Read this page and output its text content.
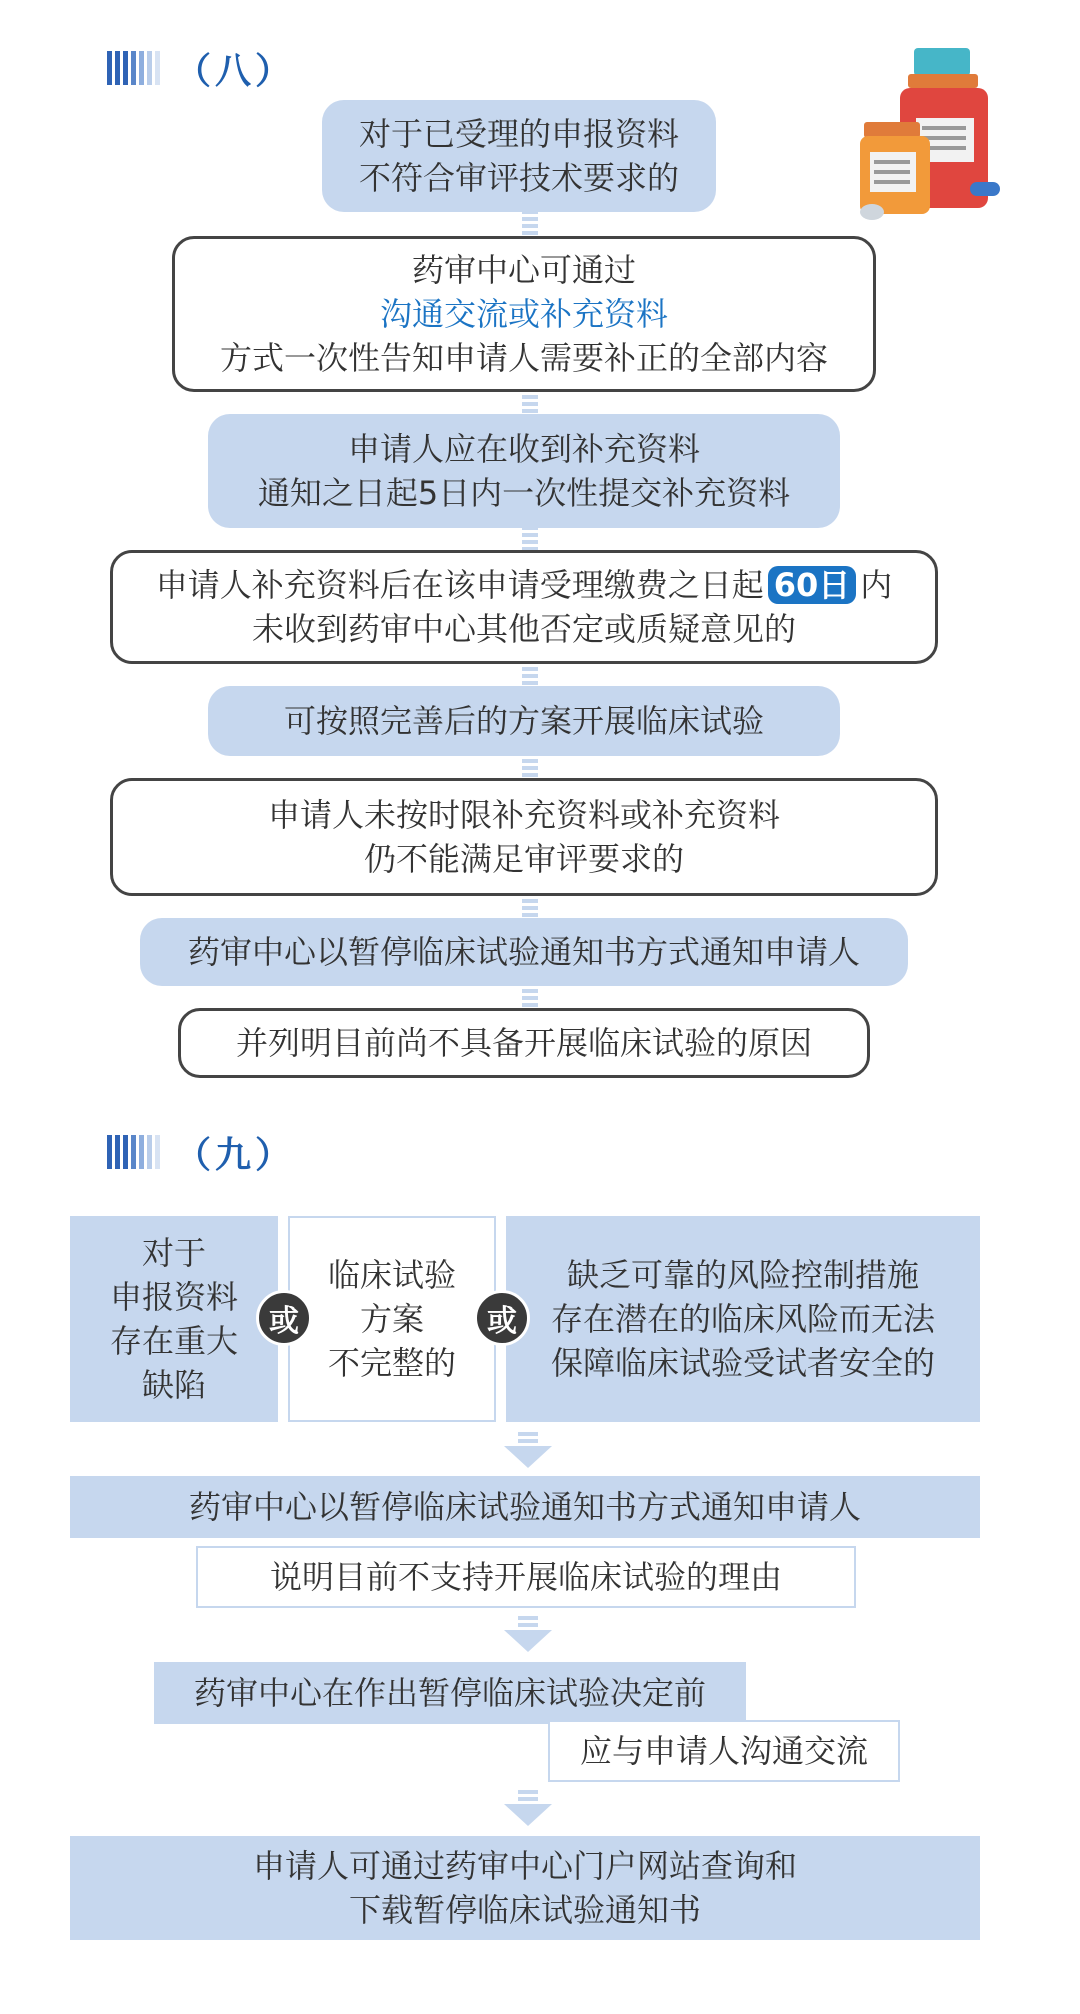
（八）
对于已受理的申报资料
不符合审评技术要求的
药审中心可通过
沟通交流或补充资料
方式一次性告知申请人需要补正的全部内容
申请人应在收到补充资料
通知之日起5日内一次性提交补充资料
申请人补充资料后在该申请受理缴费之日起 60日 内
未收到药审中心其他否定或质疑意见的
可按照完善后的方案开展临床试验
申请人未按时限补充资料或补充资料
仍不能满足审评要求的
药审中心以暂停临床试验通知书方式通知申请人
并列明目前尚不具备开展临床试验的原因
（九）
对于
申报资料
存在重大
缺陷
临床试验
方案
不完整的
缺乏可靠的风险控制措施
存在潜在的临床风险而无法
保障临床试验受试者安全的
或	或
药审中心以暂停临床试验通知书方式通知申请人
说明目前不支持开展临床试验的理由
药审中心在作出暂停临床试验决定前
应与申请人沟通交流
申请人可通过药审中心门户网站查询和
下载暂停临床试验通知书
